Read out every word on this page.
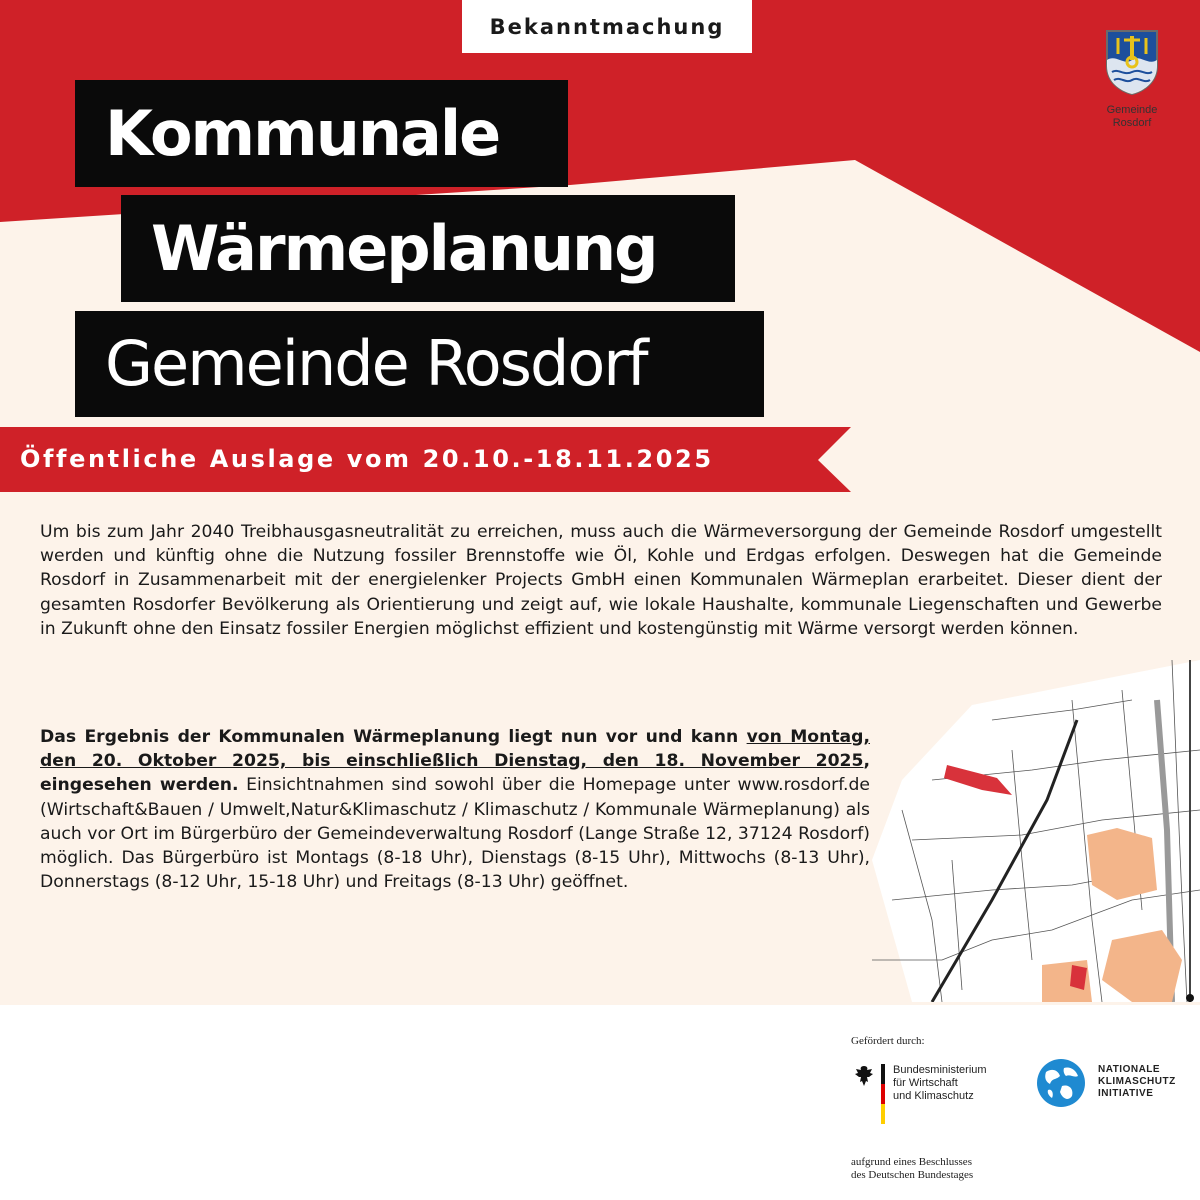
Bekanntmachung
Kommunale
Wärmeplanung
Gemeinde Rosdorf
Gemeinde
Rosdorf
Öffentliche Auslage vom 20.10.-18.11.2025
Um bis zum Jahr 2040 Treibhausgasneutralität zu erreichen, muss auch die Wärmeversorgung der Gemeinde Rosdorf umgestellt werden und künftig ohne die Nutzung fossiler Brennstoffe wie Öl, Kohle und Erdgas erfolgen. Deswegen hat die Gemeinde Rosdorf in Zusammenarbeit mit der energielenker Projects GmbH einen Kommunalen Wärmeplan erarbeitet. Dieser dient der gesamten Rosdorfer Bevölkerung als Orientierung und zeigt auf, wie lokale Haushalte, kommunale Liegenschaften und Gewerbe in Zukunft ohne den Einsatz fossiler Energien möglichst effizient und kostengünstig mit Wärme versorgt werden können.
Das Ergebnis der Kommunalen Wärmeplanung liegt nun vor und kann von Montag, den 20. Oktober 2025, bis einschließlich Dienstag, den 18. November 2025, eingesehen werden. Einsichtnahmen sind sowohl über die Homepage unter www.rosdorf.de (Wirtschaft&Bauen / Umwelt,Natur&Klimaschutz / Klimaschutz / Kommunale Wärmeplanung) als auch vor Ort im Bürgerbüro der Gemeindeverwaltung Rosdorf (Lange Straße 12, 37124 Rosdorf) möglich. Das Bürgerbüro ist Montags (8-18 Uhr), Dienstags (8-15 Uhr), Mittwochs (8-13 Uhr), Donnerstags (8-12 Uhr, 15-18 Uhr) und Freitags (8-13 Uhr) geöffnet.
Gefördert durch:
Bundesministerium
für Wirtschaft
und Klimaschutz
NATIONALE
KLIMASCHUTZ
INITIATIVE
aufgrund eines Beschlusses
des Deutschen Bundestages
